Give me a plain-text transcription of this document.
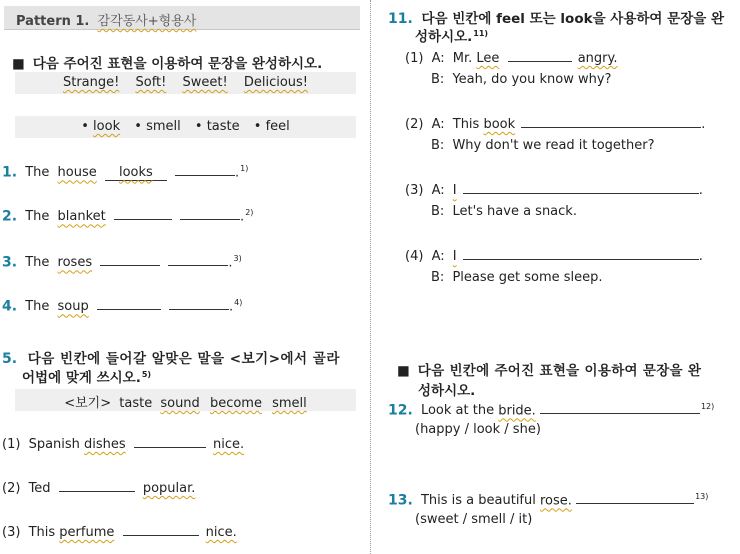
Pattern 1. 감각동사+형용사
■ 다음 주어진 표현을 이용하여 문장을 완성하시오.
Strange! Soft! Sweet! Delicious!
• look • smell • taste • feel
1. The house looks	.$^{1)}$
2. The blanket	.$^{2)}$
3. The roses	.$^{3)}$
4. The soup	.$^{4)}$
5. 다음 빈칸에 들어갈 알맞은 말을 <보기>에서 골라
어법에 맞게 쓰시오.$^{5)}$
<보기> taste sound become smell
(1) Spanish dishes	nice.
(2) Ted	popular.
(3) This perfume	nice.
11. 다음 빈칸에 feel 또는 look을 사용하여 문장을 완
성하시오.$^{11)}$
(1) A: Mr. Lee	angry.
B: Yeah, do you know why?
(2) A: This book	.
B: Why don't we read it together?
(3) A: I	.
B: Let's have a snack.
(4) A: I	.
B: Please get some sleep.
■ 다음 빈칸에 주어진 표현을 이용하여 문장을 완
성하시오.
12. Look at the bride.	$^{12)}$
(happy / look / she)
13. This is a beautiful rose.	$^{13)}$
(sweet / smell / it)
